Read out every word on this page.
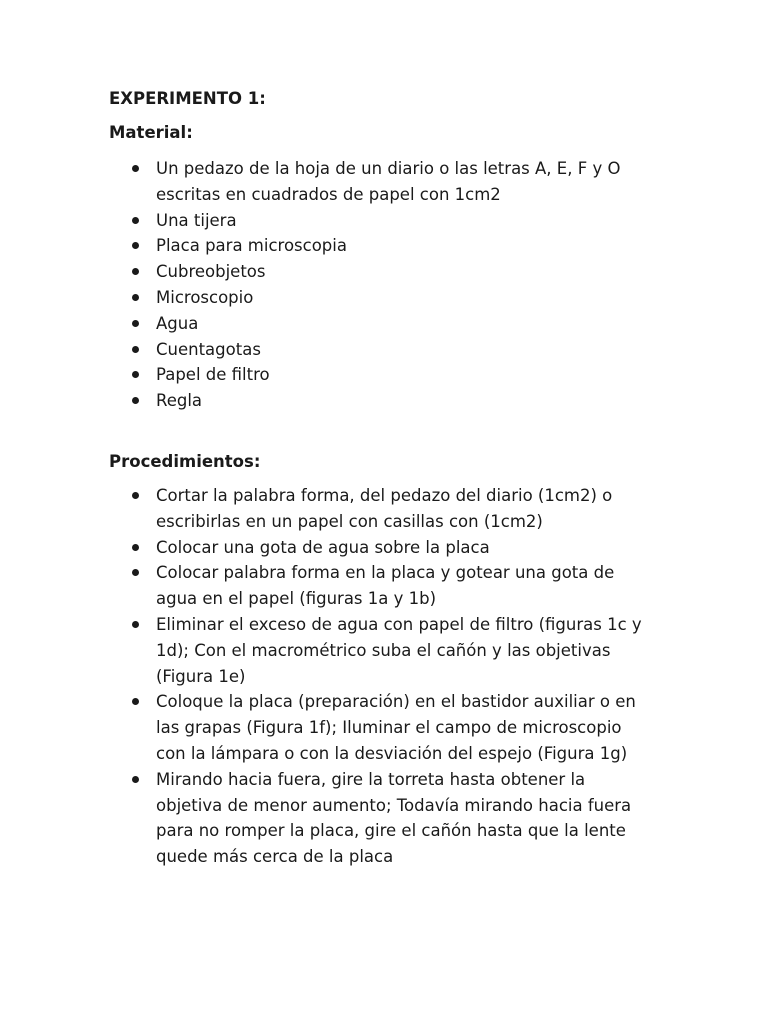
EXPERIMENTO 1:
Material:
Un pedazo de la hoja de un diario o las letras A, E, F y O escritas en cuadrados de papel con 1cm2
Una tijera
Placa para microscopia
Cubreobjetos
Microscopio
Agua
Cuentagotas
Papel de filtro
Regla
Procedimientos:
Cortar la palabra forma, del pedazo del diario (1cm2) o escribirlas en un papel con casillas con (1cm2)
Colocar una gota de agua sobre la placa
Colocar palabra forma en la placa y gotear una gota de agua en el papel (figuras 1a y 1b)
Eliminar el exceso de agua con papel de filtro (figuras 1c y 1d); Con el macrométrico suba el cañón y las objetivas (Figura 1e)
Coloque la placa (preparación) en el bastidor auxiliar o en las grapas (Figura 1f); Iluminar el campo de microscopio con la lámpara o con la desviación del espejo (Figura 1g)
Mirando hacia fuera, gire la torreta hasta obtener la objetiva de menor aumento; Todavía mirando hacia fuera para no romper la placa, gire el cañón hasta que la lente quede más cerca de la placa
